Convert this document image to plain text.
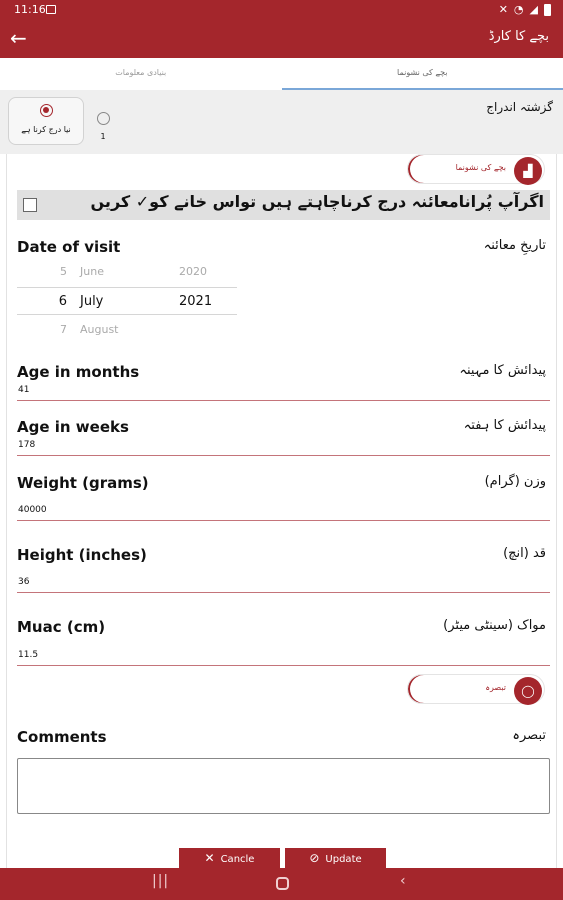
11:16	✕ ◔ ◢
←	بچے کا کارڈ
بنیادی معلومات	بچے کی نشونما
نیا درج کرنا ہے
1
گزشتہ اندراج
بچے کی نشونما	▟
اگرآپ پُرانامعائنہ درج کرناچاہتے ہیں تواس خانے کو✓ کریں
Date of visit	تاریخِ معائنہ
5 June	2020
6 July	2021
7 August
Age in months	پیدائش کا مہینہ
41
Age in weeks	پیدائش کا ہفتہ
178
Weight (grams)	وزن (گرام)
40000
Height (inches)	قد (انچ)
36
Muac (cm)	مواک (سینٹی میٹر)
11.5
تبصرہ	◯
Comments	تبصرہ
✕ Cancle	⊘ Update
|||	‹
